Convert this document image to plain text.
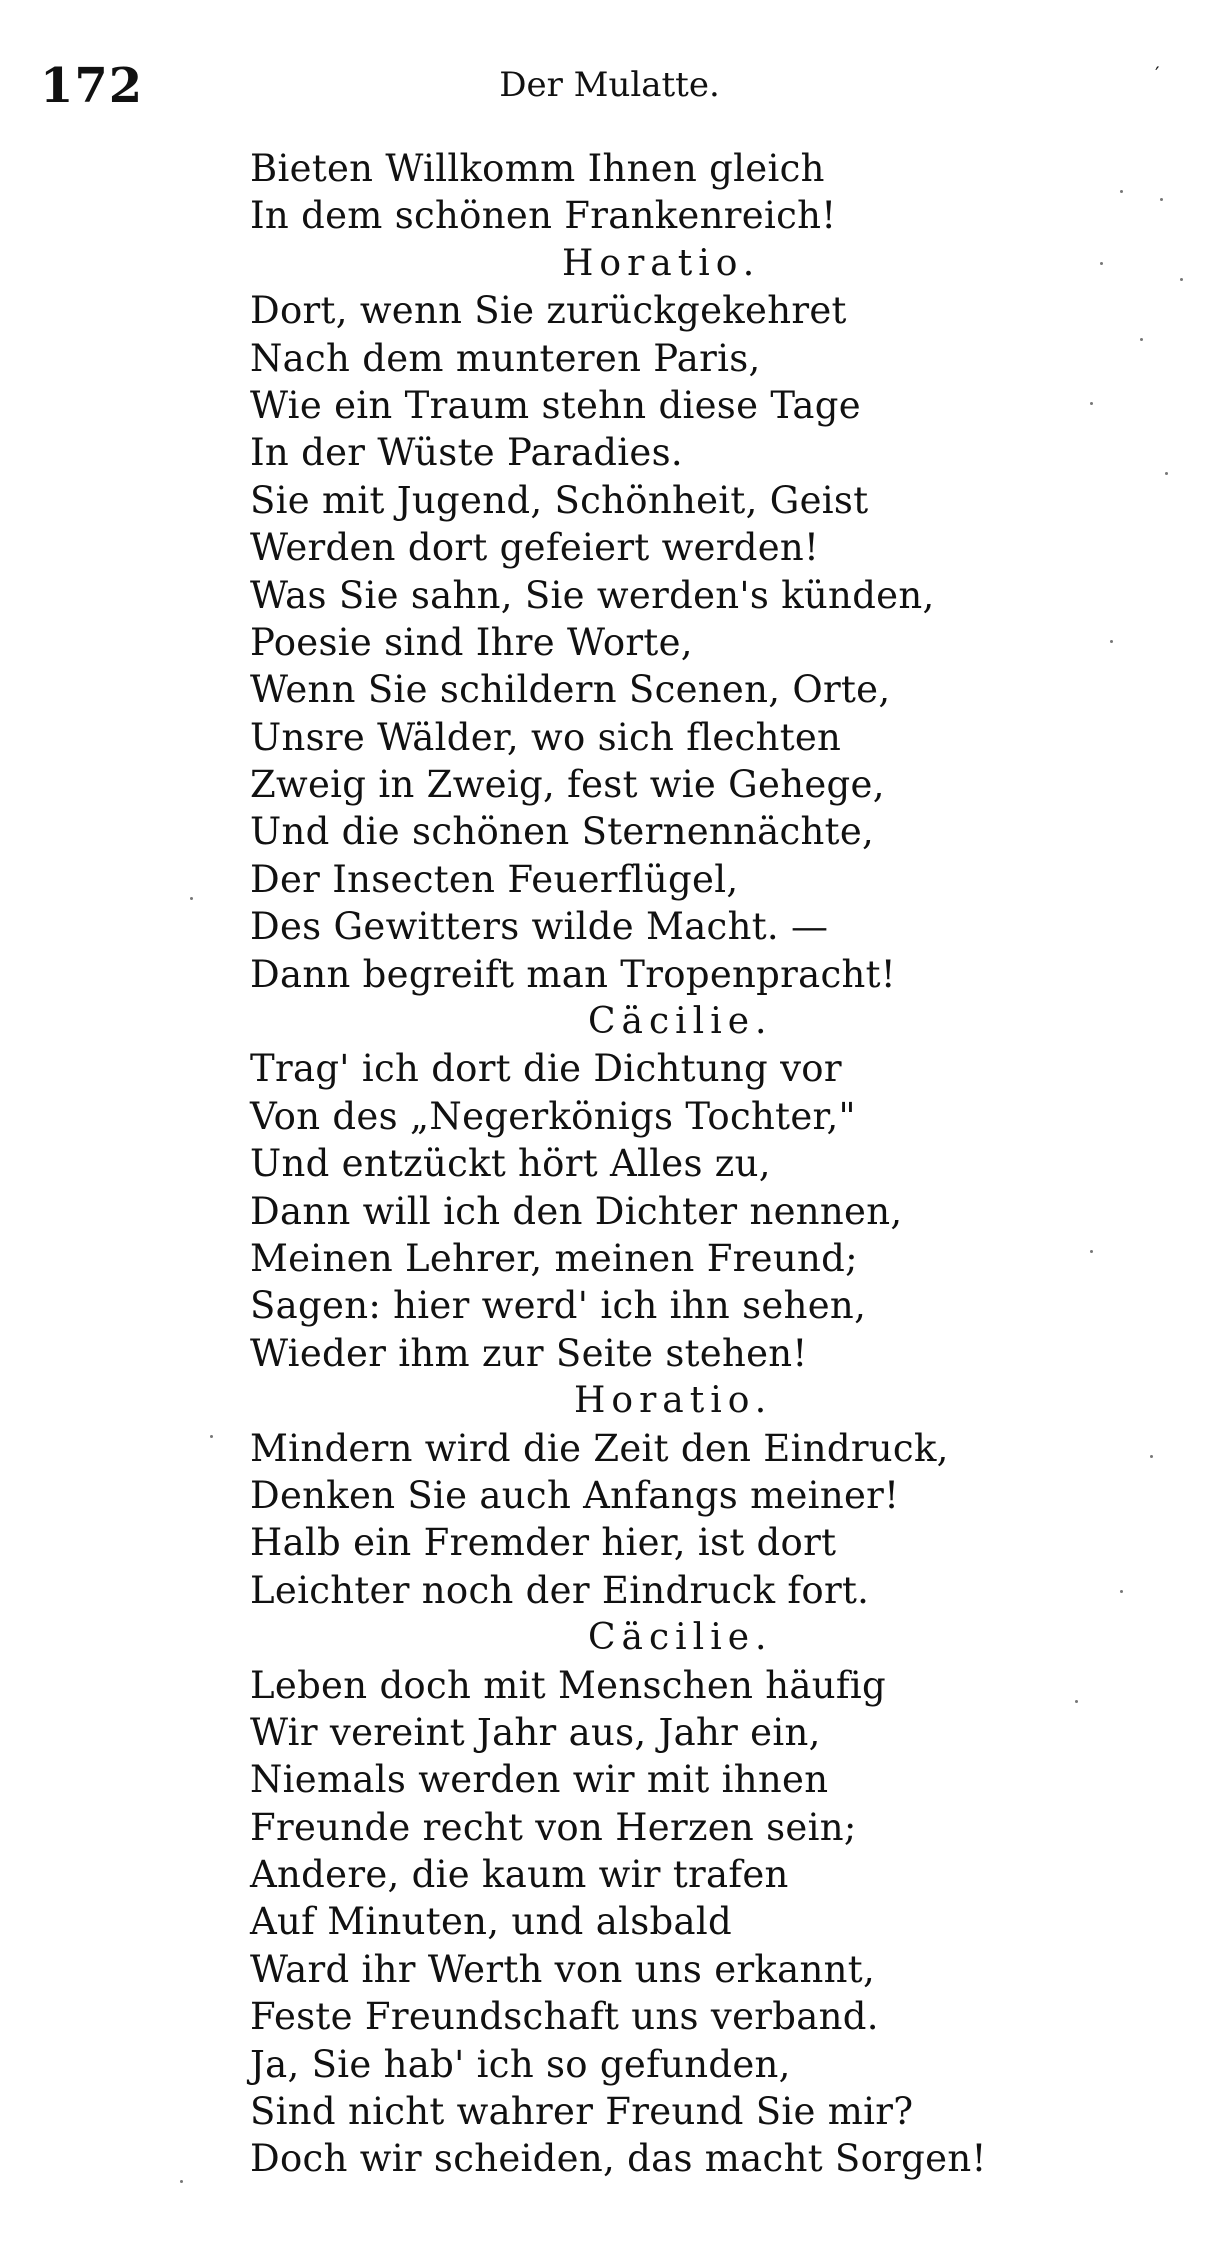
172	Der Mulatte.	′
Bieten Willkomm Ihnen gleich
In dem schönen Frankenreich!
Horatio.
Dort, wenn Sie zurückgekehret
Nach dem munteren Paris,
Wie ein Traum stehn diese Tage
In der Wüste Paradies.
Sie mit Jugend, Schönheit, Geist
Werden dort gefeiert werden!
Was Sie sahn, Sie werden's künden,
Poesie sind Ihre Worte,
Wenn Sie schildern Scenen, Orte,
Unsre Wälder, wo sich flechten
Zweig in Zweig, fest wie Gehege,
Und die schönen Sternennächte,
Der Insecten Feuerflügel,
Des Gewitters wilde Macht. —
Dann begreift man Tropenpracht!
Cäcilie.
Trag' ich dort die Dichtung vor
Von des „Negerkönigs Tochter,"
Und entzückt hört Alles zu,
Dann will ich den Dichter nennen,
Meinen Lehrer, meinen Freund;
Sagen: hier werd' ich ihn sehen,
Wieder ihm zur Seite stehen!
Horatio.
Mindern wird die Zeit den Eindruck,
Denken Sie auch Anfangs meiner!
Halb ein Fremder hier, ist dort
Leichter noch der Eindruck fort.
Cäcilie.
Leben doch mit Menschen häufig
Wir vereint Jahr aus, Jahr ein,
Niemals werden wir mit ihnen
Freunde recht von Herzen sein;
Andere, die kaum wir trafen
Auf Minuten, und alsbald
Ward ihr Werth von uns erkannt,
Feste Freundschaft uns verband.
Ja, Sie hab' ich so gefunden,
Sind nicht wahrer Freund Sie mir?
Doch wir scheiden, das macht Sorgen!
